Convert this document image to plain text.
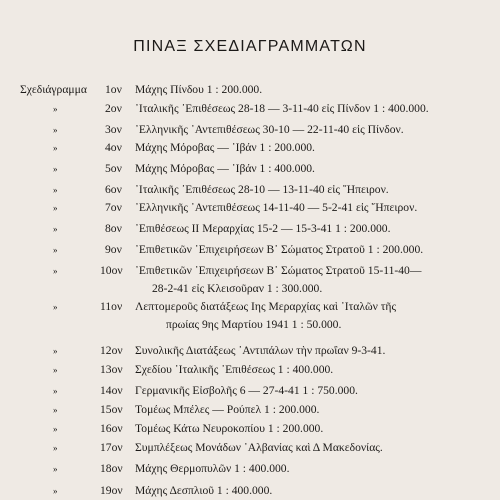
ΠΙΝΑΞ ΣΧΕΔΙΑΓΡΑΜΜΑΤΩΝ
Σχεδιάγραμμα 1ον Μάχης Πίνδου 1 : 200.000.
»	2ον ᾽Ιταλικῆς ᾽Επιθέσεως 28-18 — 3-11-40 εἰς Πίνδον 1 : 400.000.
»	3ον ᾽Ελληνικῆς ᾽Αντεπιθέσεως 30-10 — 22-11-40 εἰς Πίνδον.
»	4ον Μάχης Μόροβας — ᾽Ιβάν 1 : 200.000.
»	5ον Μάχης Μόροβας — ᾽Ιβάν 1 : 400.000.
»	6ον ᾽Ιταλικῆς ᾽Επιθέσεως 28-10 — 13-11-40 εἰς ῞Ηπειρον.
»	7ον ᾽Ελληνικῆς ᾽Αντεπιθέσεως 14-11-40 — 5-2-41 εἰς ῞Ηπειρον.
»	8ον ᾽Επιθέσεως ΙΙ Μεραρχίας 15-2 — 15-3-41 1 : 200.000.
»	9ον ᾽Επιθετικῶν ᾽Επιχειρήσεων Β᾽ Σώματος Στρατοῦ 1 : 200.000.
»	10ον ᾽Επιθετικῶν ᾽Επιχειρήσεων Β᾽ Σώματος Στρατοῦ 15-11-40—
28-2-41 εἰς Κλεισοῦραν 1 : 300.000.
»	11ον Λεπτομεροῦς διατάξεως Ιης Μεραρχίας καὶ ᾽Ιταλῶν τῆς
πρωίας 9ης Μαρτίου 1941 1 : 50.000.
»	12ον Συνολικῆς Διατάξεως ᾽Αντιπάλων τὴν πρωΐαν 9-3-41.
»	13ον Σχεδίου ᾽Ιταλικῆς ᾽Επιθέσεως 1 : 400.000.
»	14ον Γερμανικῆς Εἰσβολῆς 6 — 27-4-41 1 : 750.000.
»	15ον Τομέως Μπέλες — Ρούπελ 1 : 200.000.
»	16ον Τομέως Κάτω Νευροκοπίου 1 : 200.000.
»	17ον Συμπλέξεως Μονάδων ᾽Αλβανίας καὶ Δ Μακεδονίας.
»	18ον Μάχης Θερμοπυλῶν 1 : 400.000.
»	19ον Μάχης Δεσπλιοῦ 1 : 400.000.
